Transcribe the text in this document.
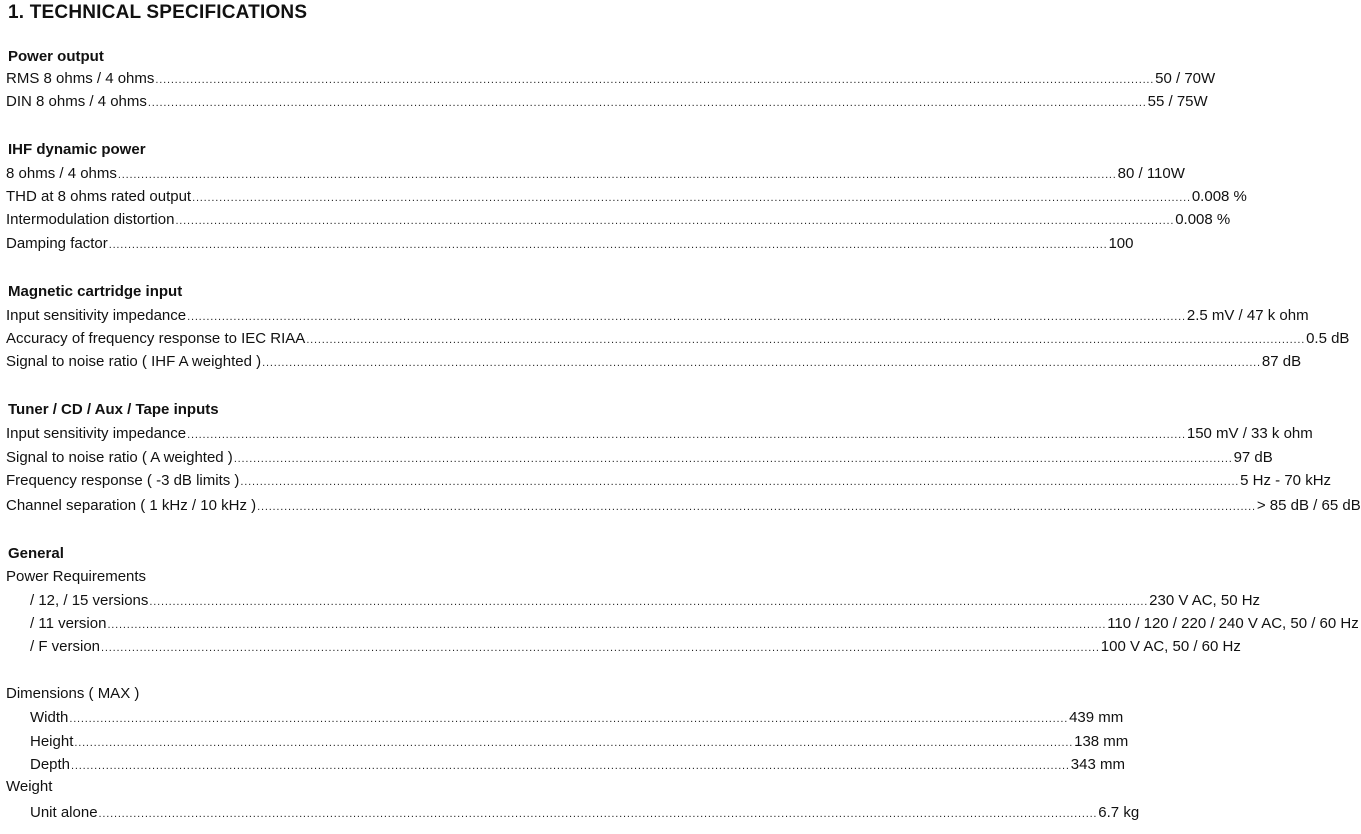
1. TECHNICAL SPECIFICATIONS
Power output
RMS 8 ohms / 4 ohms .....	50 / 70W
DIN 8 ohms / 4 ohms .....	55 / 75W
IHF dynamic power
8 ohms / 4 ohms .....	80 / 110W
THD at 8 ohms rated output .....	0.008 %
Intermodulation distortion .....	0.008 %
Damping factor .....	100
Magnetic cartridge input
Input sensitivity impedance .....	2.5 mV / 47 k ohm
Accuracy of frequency response to IEC RIAA .....	0.5 dB
Signal to noise ratio ( IHF A weighted ) .....	87 dB
Tuner / CD / Aux / Tape inputs
Input sensitivity impedance .....	150 mV / 33 k ohm
Signal to noise ratio ( A weighted ) .....	97 dB
Frequency response ( -3 dB limits ) .....	5 Hz - 70 kHz
Channel separation ( 1 kHz / 10 kHz ) .....	> 85 dB / 65 dB
General
Power Requirements
/ 12, / 15 versions .....	230 V AC, 50 Hz
/ 11 version .....	110 / 120 / 220 / 240 V AC, 50 / 60 Hz
/ F version .....	100 V AC, 50 / 60 Hz
Dimensions ( MAX )
Width .....	439 mm
Height .....	138 mm
Depth .....	343 mm
Weight
Unit alone .....	6.7 kg
